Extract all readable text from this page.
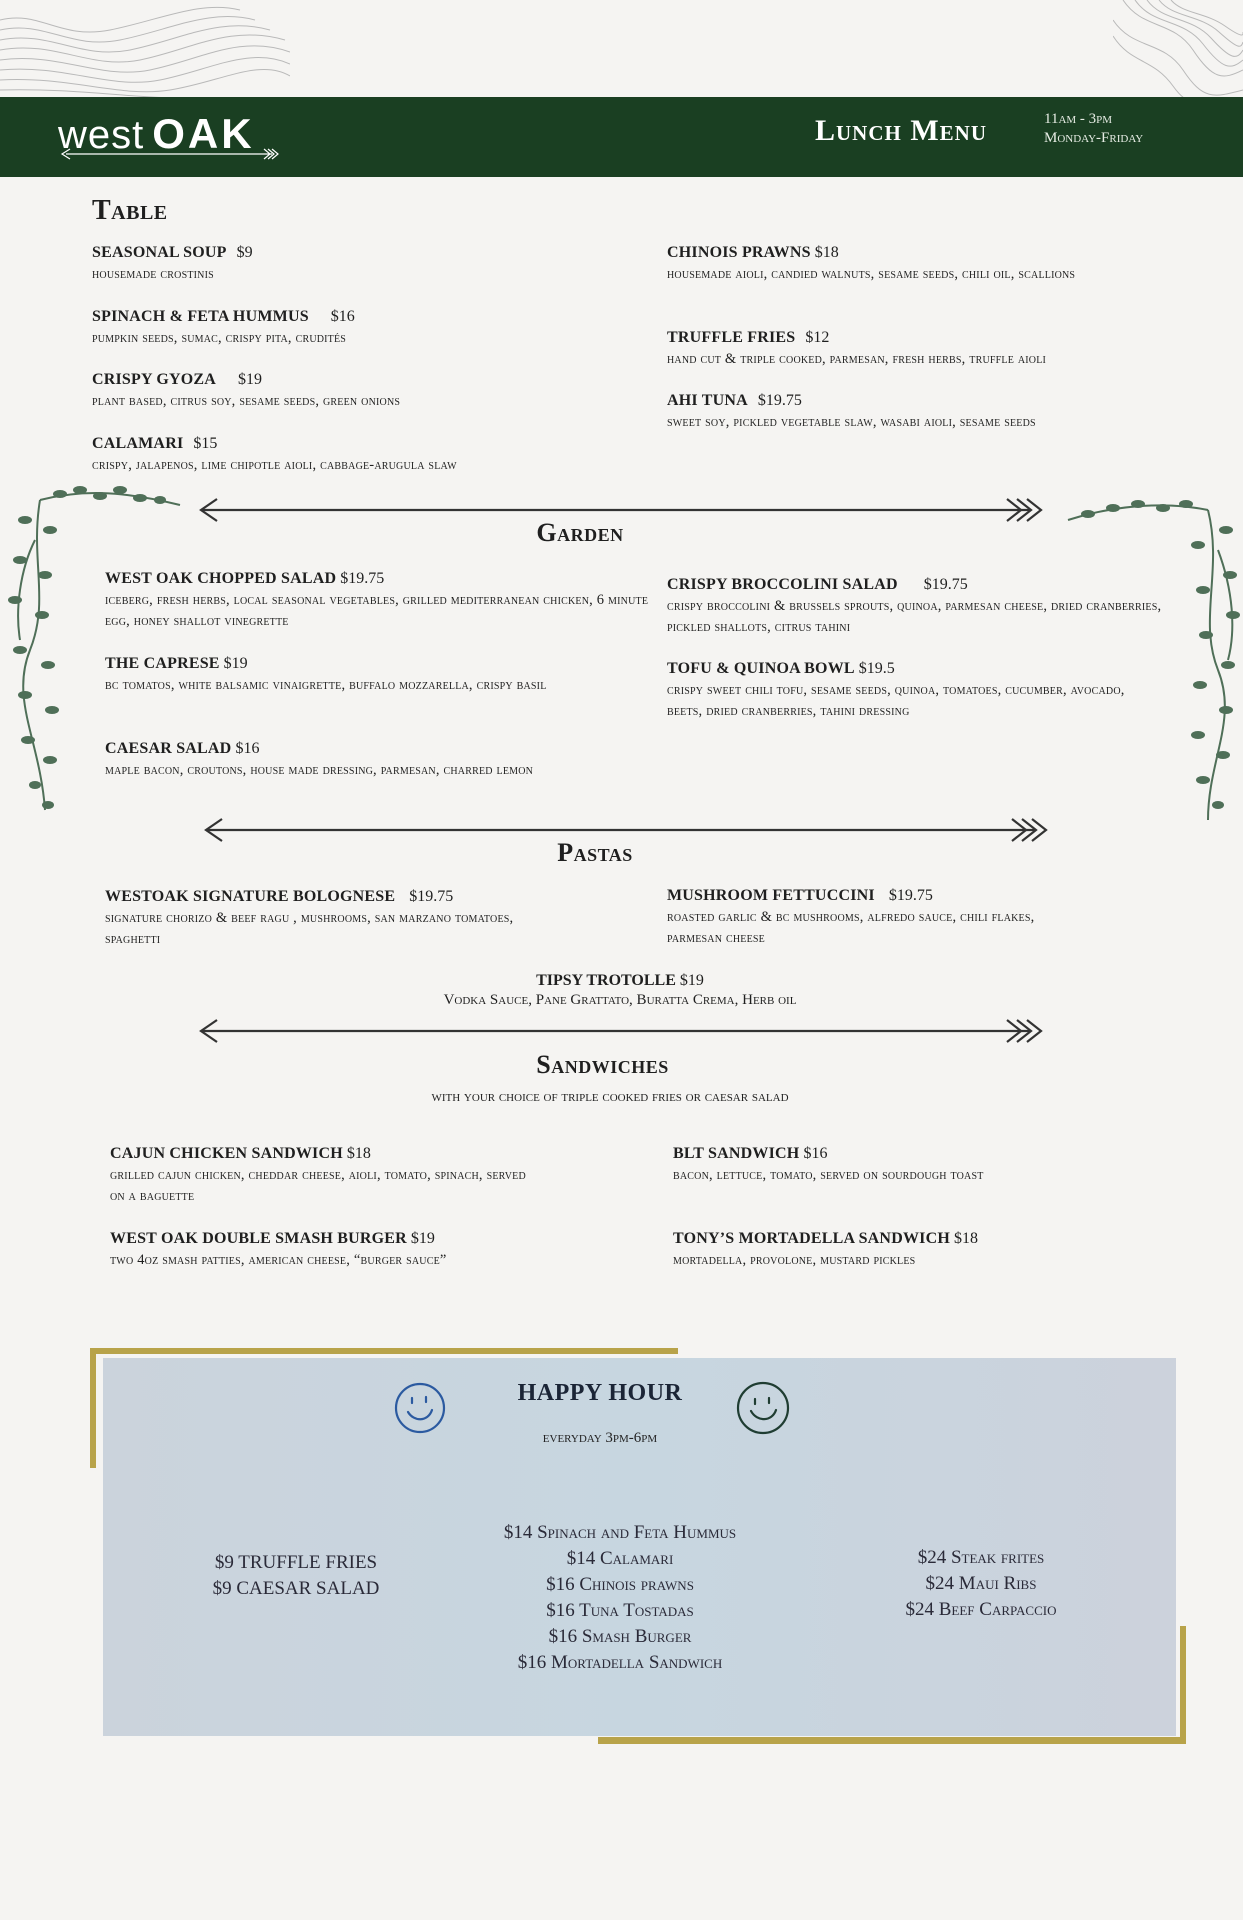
west OAK	Lunch Menu	11am - 3pm
Monday-Friday
Table
SEASONAL SOUP $9
housemade crostinis
SPINACH & FETA HUMMUS $16
pumpkin seeds, sumac, crispy pita, crudités
CRISPY GYOZA $19
plant based, citrus soy, sesame seeds, green onions
CALAMARI $15
crispy, jalapenos, lime chipotle aioli, cabbage-arugula slaw
CHINOIS PRAWNS $18
housemade aioli, candied walnuts, sesame seeds, chili oil, scallions
TRUFFLE FRIES $12
hand cut & triple cooked, parmesan, fresh herbs, truffle aioli
AHI TUNA $19.75
sweet soy, pickled vegetable slaw, wasabi aioli, sesame seeds
Garden
WEST OAK CHOPPED SALAD $19.75
iceberg, fresh herbs, local seasonal vegetables, grilled mediterranean chicken, 6 minute egg, honey shallot vinegrette
THE CAPRESE $19
bc tomatos, white balsamic vinaigrette, buffalo mozzarella, crispy basil
CAESAR SALAD $16
maple bacon, croutons, house made dressing, parmesan, charred lemon
CRISPY BROCCOLINI SALAD $19.75
crispy broccolini & brussels sprouts, quinoa, parmesan cheese, dried cranberries, pickled shallots, citrus tahini
TOFU & QUINOA BOWL $19.5
crispy sweet chili tofu, sesame seeds, quinoa, tomatoes, cucumber, avocado, beets, dried cranberries, tahini dressing
Pastas
WESTOAK SIGNATURE BOLOGNESE $19.75
signature chorizo & beef ragu , mushrooms, san marzano tomatoes, spaghetti
MUSHROOM FETTUCCINI $19.75
roasted garlic & bc mushrooms, alfredo sauce, chili flakes, parmesan cheese
TIPSY TROTOLLE $19
Vodka Sauce, Pane Grattato, Buratta Crema, Herb oil
Sandwiches
with your choice of triple cooked fries or caesar salad
CAJUN CHICKEN SANDWICH $18
grilled cajun chicken, cheddar cheese, aioli, tomato, spinach, served on a baguette
WEST OAK DOUBLE SMASH BURGER $19
two 4oz smash patties, american cheese, “burger sauce”
BLT SANDWICH $16
bacon, lettuce, tomato, served on sourdough toast
TONY’S MORTADELLA SANDWICH $18
mortadella, provolone, mustard pickles
HAPPY HOUR
everyday 3pm-6pm
$9 TRUFFLE FRIES
$9 CAESAR SALAD
$14 Spinach and Feta Hummus
$14 Calamari
$16 Chinois prawns
$16 Tuna Tostadas
$16 Smash Burger
$16 Mortadella Sandwich
$24 Steak frites
$24 Maui Ribs
$24 Beef Carpaccio
